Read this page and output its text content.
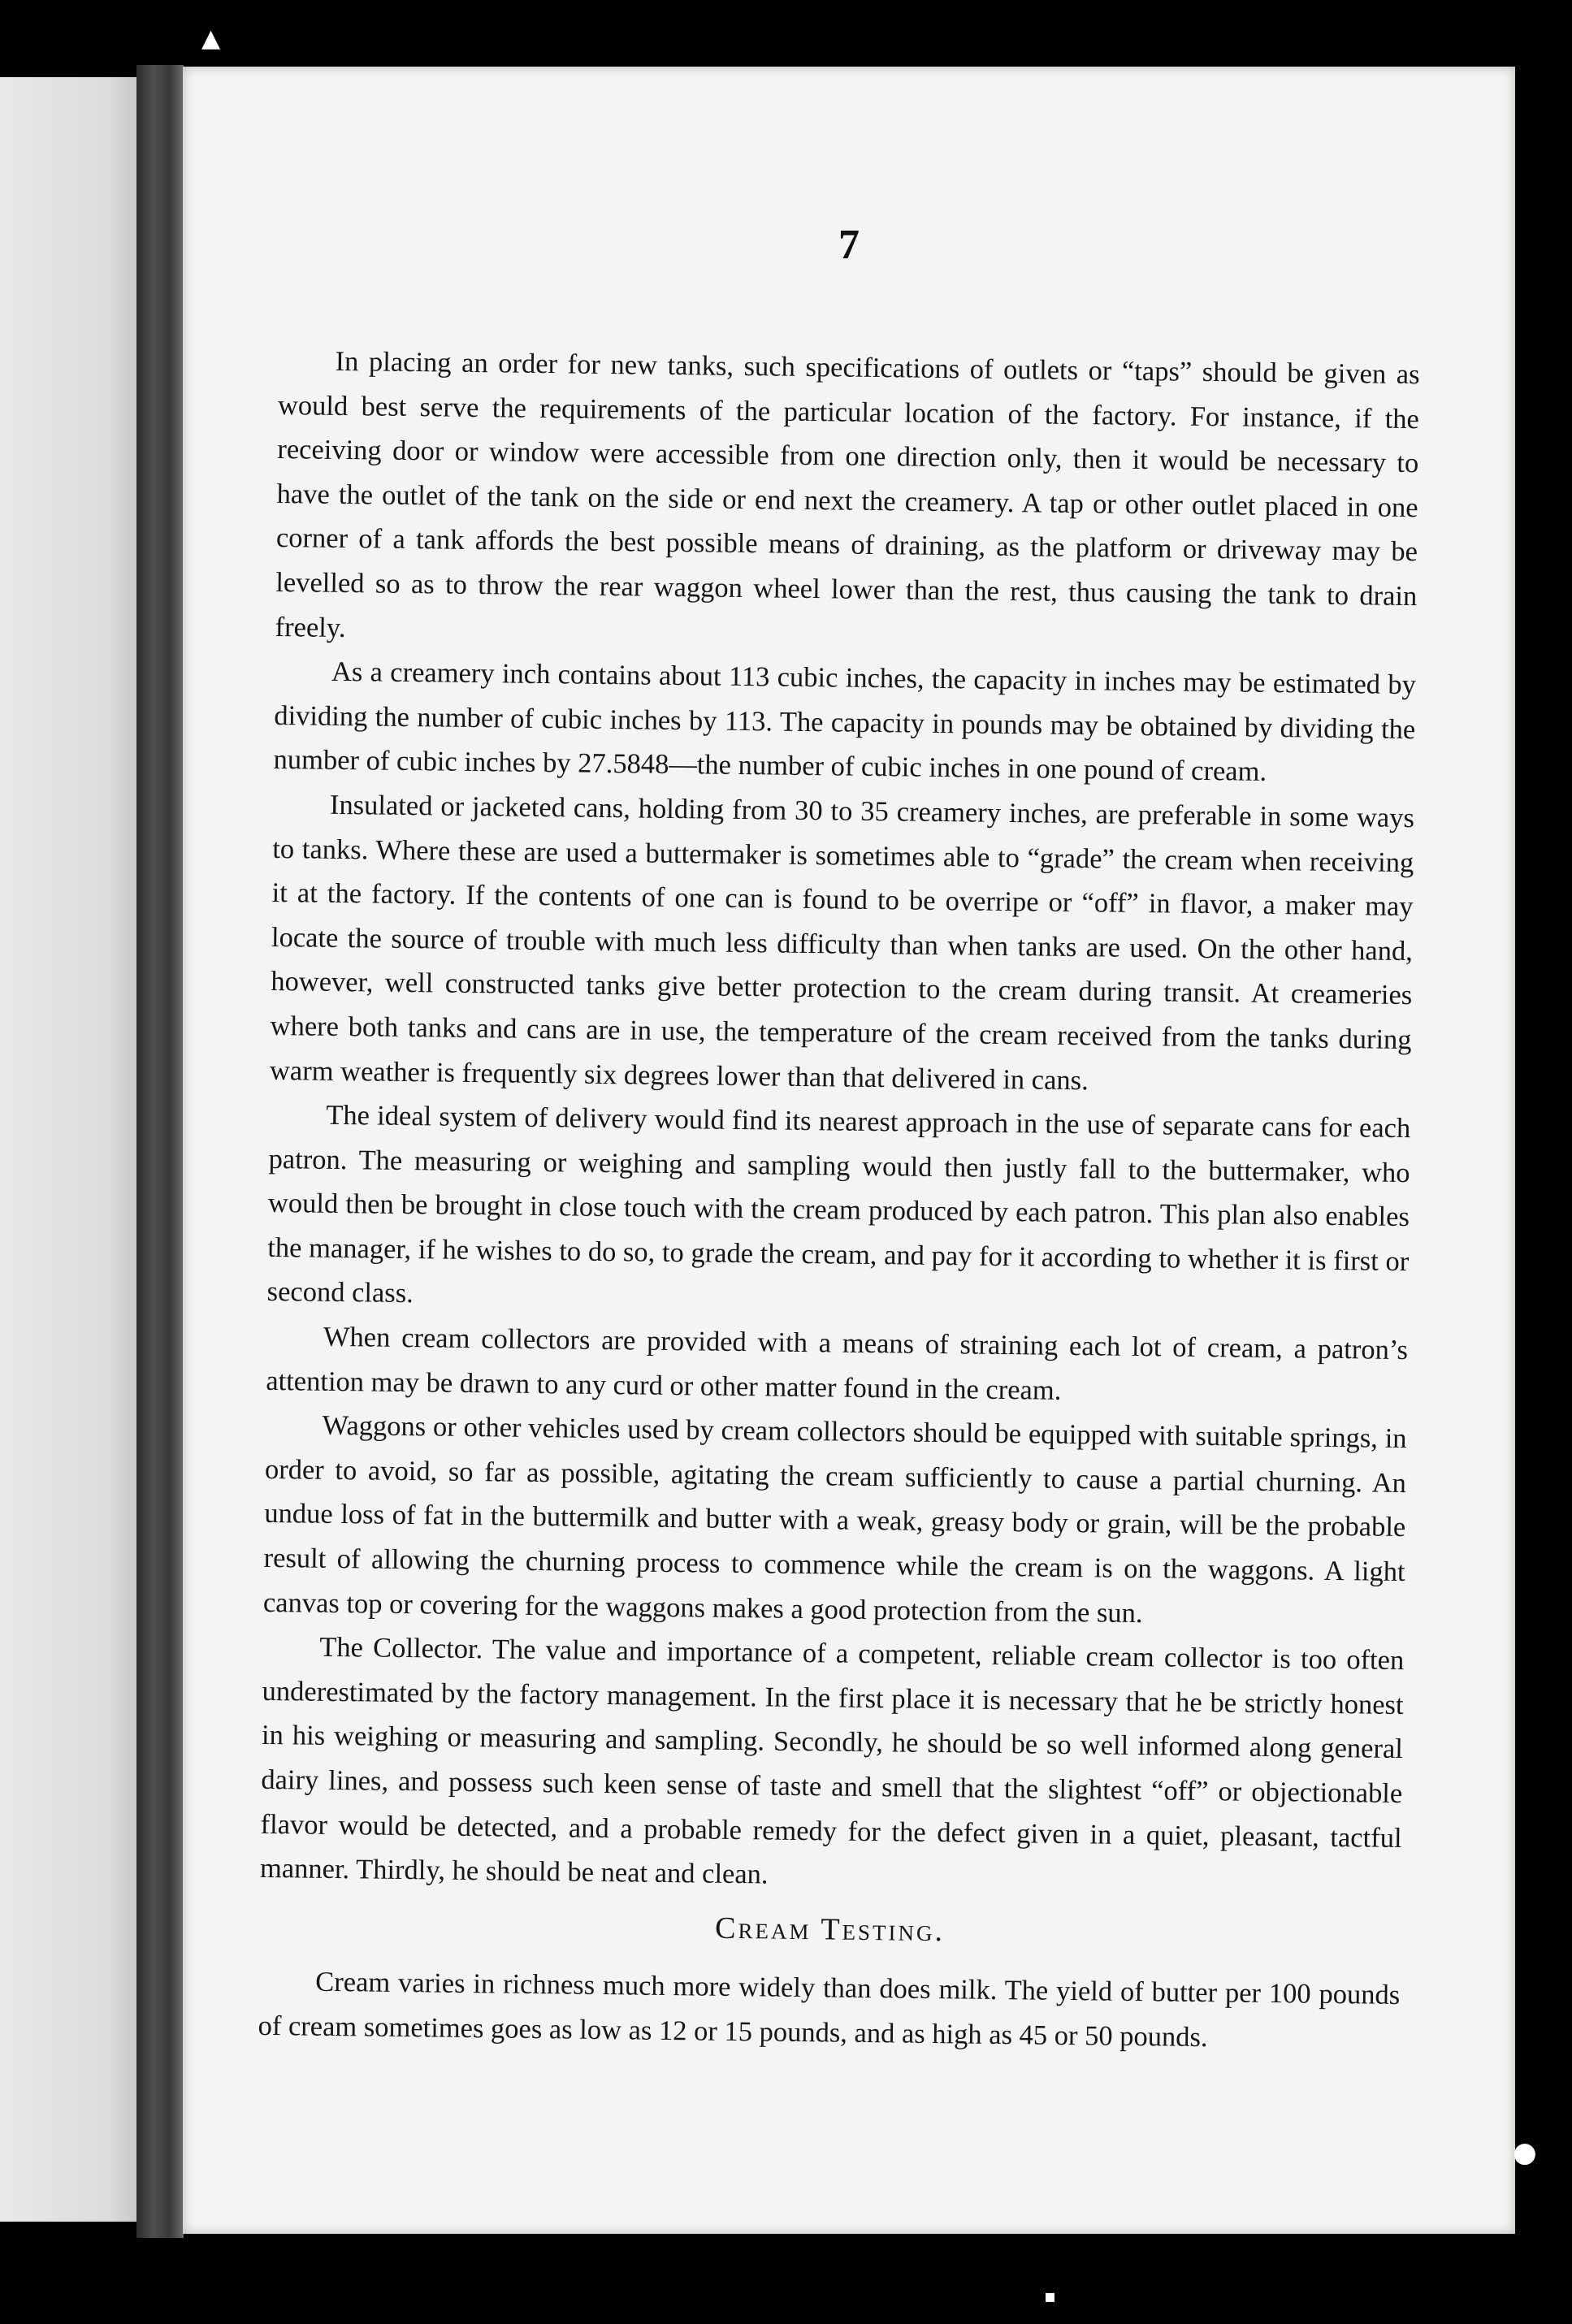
7

In placing an order for new tanks, such specifications of outlets or “taps” should be given as would best serve the requirements of the particular location of the factory. For instance, if the receiving door or window were accessible from one direction only, then it would be necessary to have the outlet of the tank on the side or end next the creamery. A tap or other outlet placed in one corner of a tank affords the best possible means of draining, as the platform or driveway may be levelled so as to throw the rear waggon wheel lower than the rest, thus causing the tank to drain freely.

As a creamery inch contains about 113 cubic inches, the capacity in inches may be estimated by dividing the number of cubic inches by 113. The capacity in pounds may be obtained by dividing the number of cubic inches by 27.5848—the number of cubic inches in one pound of cream.

Insulated or jacketed cans, holding from 30 to 35 creamery inches, are preferable in some ways to tanks. Where these are used a buttermaker is sometimes able to “grade” the cream when receiving it at the factory. If the contents of one can is found to be overripe or “off” in flavor, a maker may locate the source of trouble with much less difficulty than when tanks are used. On the other hand, however, well constructed tanks give better protection to the cream during transit. At creameries where both tanks and cans are in use, the temperature of the cream received from the tanks during warm weather is frequently six degrees lower than that delivered in cans.

The ideal system of delivery would find its nearest approach in the use of separate cans for each patron. The measuring or weighing and sampling would then justly fall to the buttermaker, who would then be brought in close touch with the cream produced by each patron. This plan also enables the manager, if he wishes to do so, to grade the cream, and pay for it according to whether it is first or second class.

When cream collectors are provided with a means of straining each lot of cream, a patron’s attention may be drawn to any curd or other matter found in the cream.

Waggons or other vehicles used by cream collectors should be equipped with suitable springs, in order to avoid, so far as possible, agitating the cream sufficiently to cause a partial churning. An undue loss of fat in the buttermilk and butter with a weak, greasy body or grain, will be the probable result of allowing the churning process to commence while the cream is on the waggons. A light canvas top or covering for the waggons makes a good protection from the sun.

The Collector. The value and importance of a competent, reliable cream collector is too often underestimated by the factory management. In the first place it is necessary that he be strictly honest in his weighing or measuring and sampling. Secondly, he should be so well informed along general dairy lines, and possess such keen sense of taste and smell that the slightest “off” or objectionable flavor would be detected, and a probable remedy for the defect given in a quiet, pleasant, tactful manner. Thirdly, he should be neat and clean.

Cream Testing.

Cream varies in richness much more widely than does milk. The yield of butter per 100 pounds of cream sometimes goes as low as 12 or 15 pounds, and as high as 45 or 50 pounds.

▲
●
▪
